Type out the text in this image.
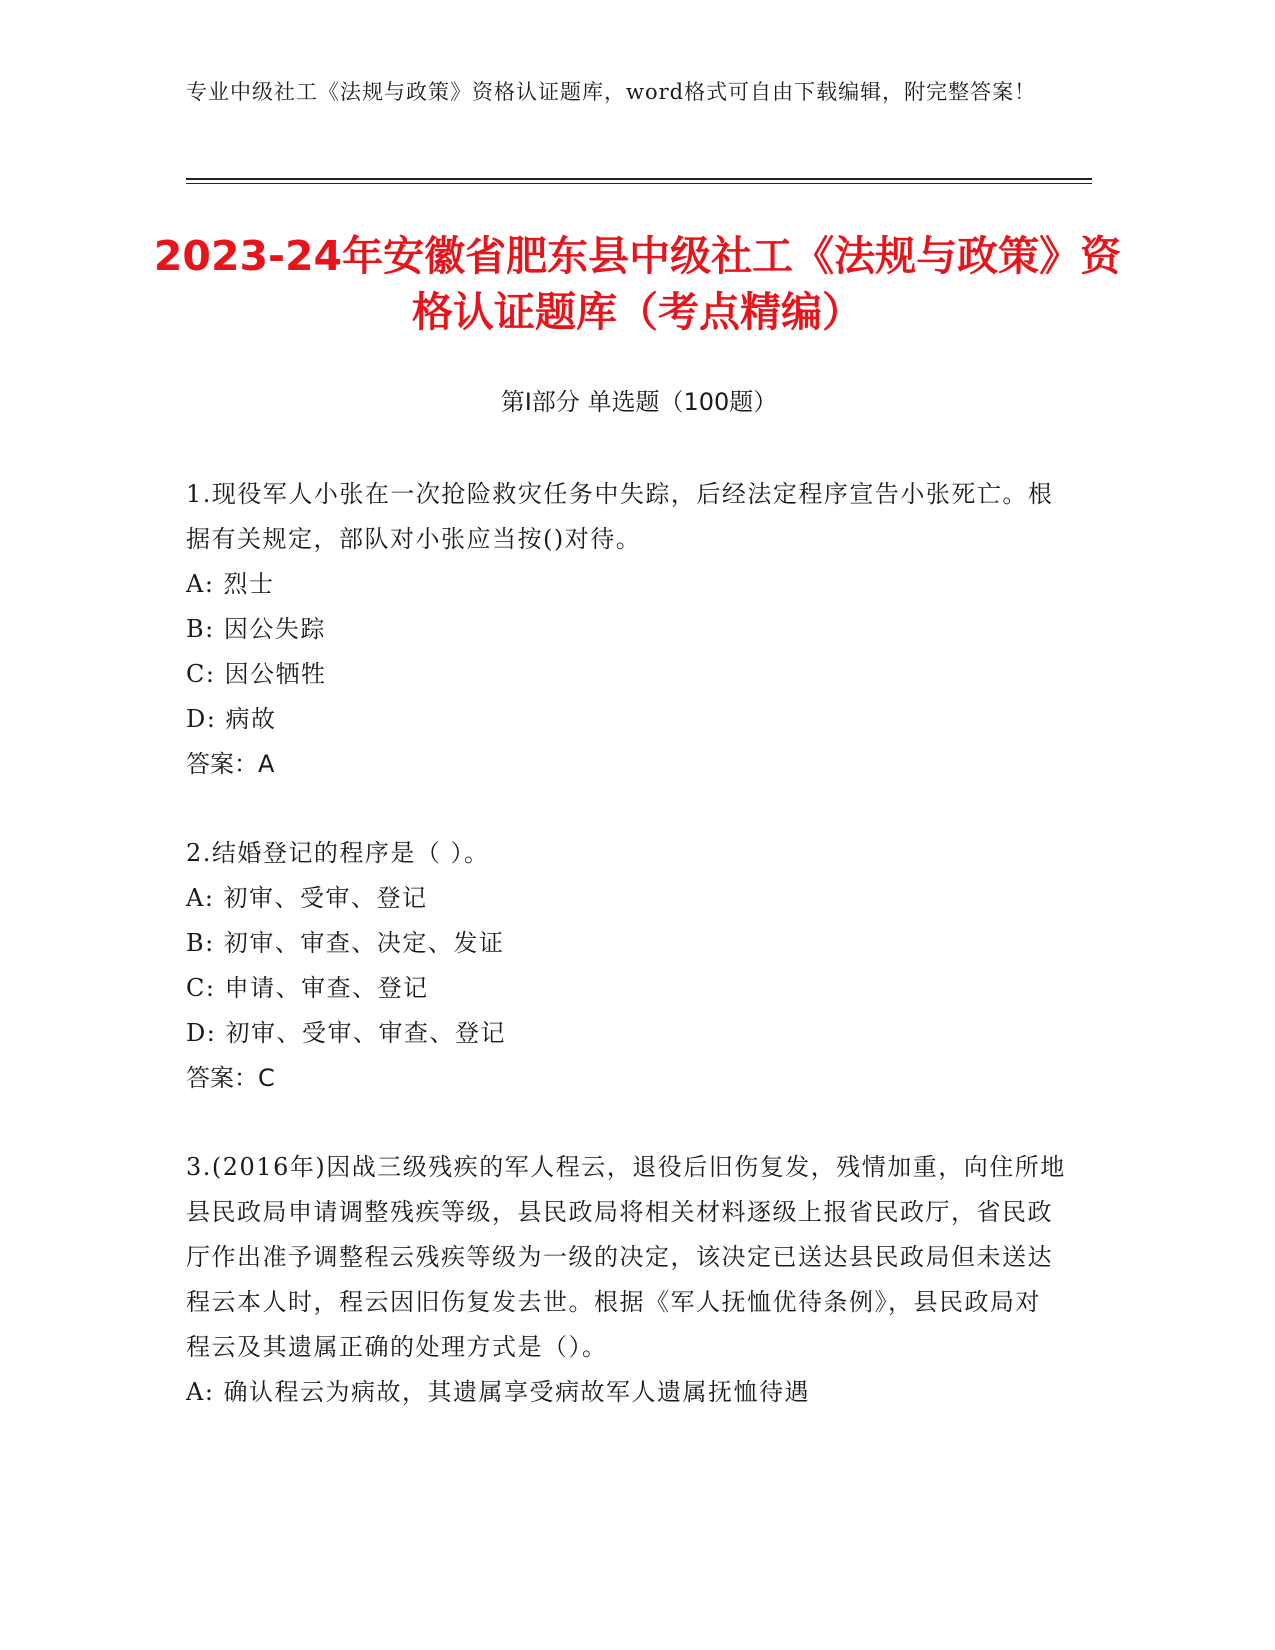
专业中级社工《法规与政策》资格认证题库，word格式可自由下载编辑，附完整答案！
2023-24年安徽省肥东县中级社工《法规与政策》资格认证题库（考点精编）
第I部分 单选题（100题）
1.现役军人小张在一次抢险救灾任务中失踪，后经法定程序宣告小张死亡。根据有关规定，部队对小张应当按()对待。
A: 烈士
B: 因公失踪
C: 因公牺牲
D: 病故
答案：A
2.结婚登记的程序是（ ）。
A: 初审、受审、登记
B: 初审、审查、决定、发证
C: 申请、审查、登记
D: 初审、受审、审查、登记
答案：C
3.(2016年)因战三级残疾的军人程云，退役后旧伤复发，残情加重，向住所地县民政局申请调整残疾等级，县民政局将相关材料逐级上报省民政厅，省民政厅作出准予调整程云残疾等级为一级的决定，该决定已送达县民政局但未送达程云本人时，程云因旧伤复发去世。根据《军人抚恤优待条例》，县民政局对程云及其遗属正确的处理方式是（）。
A: 确认程云为病故，其遗属享受病故军人遗属抚恤待遇
